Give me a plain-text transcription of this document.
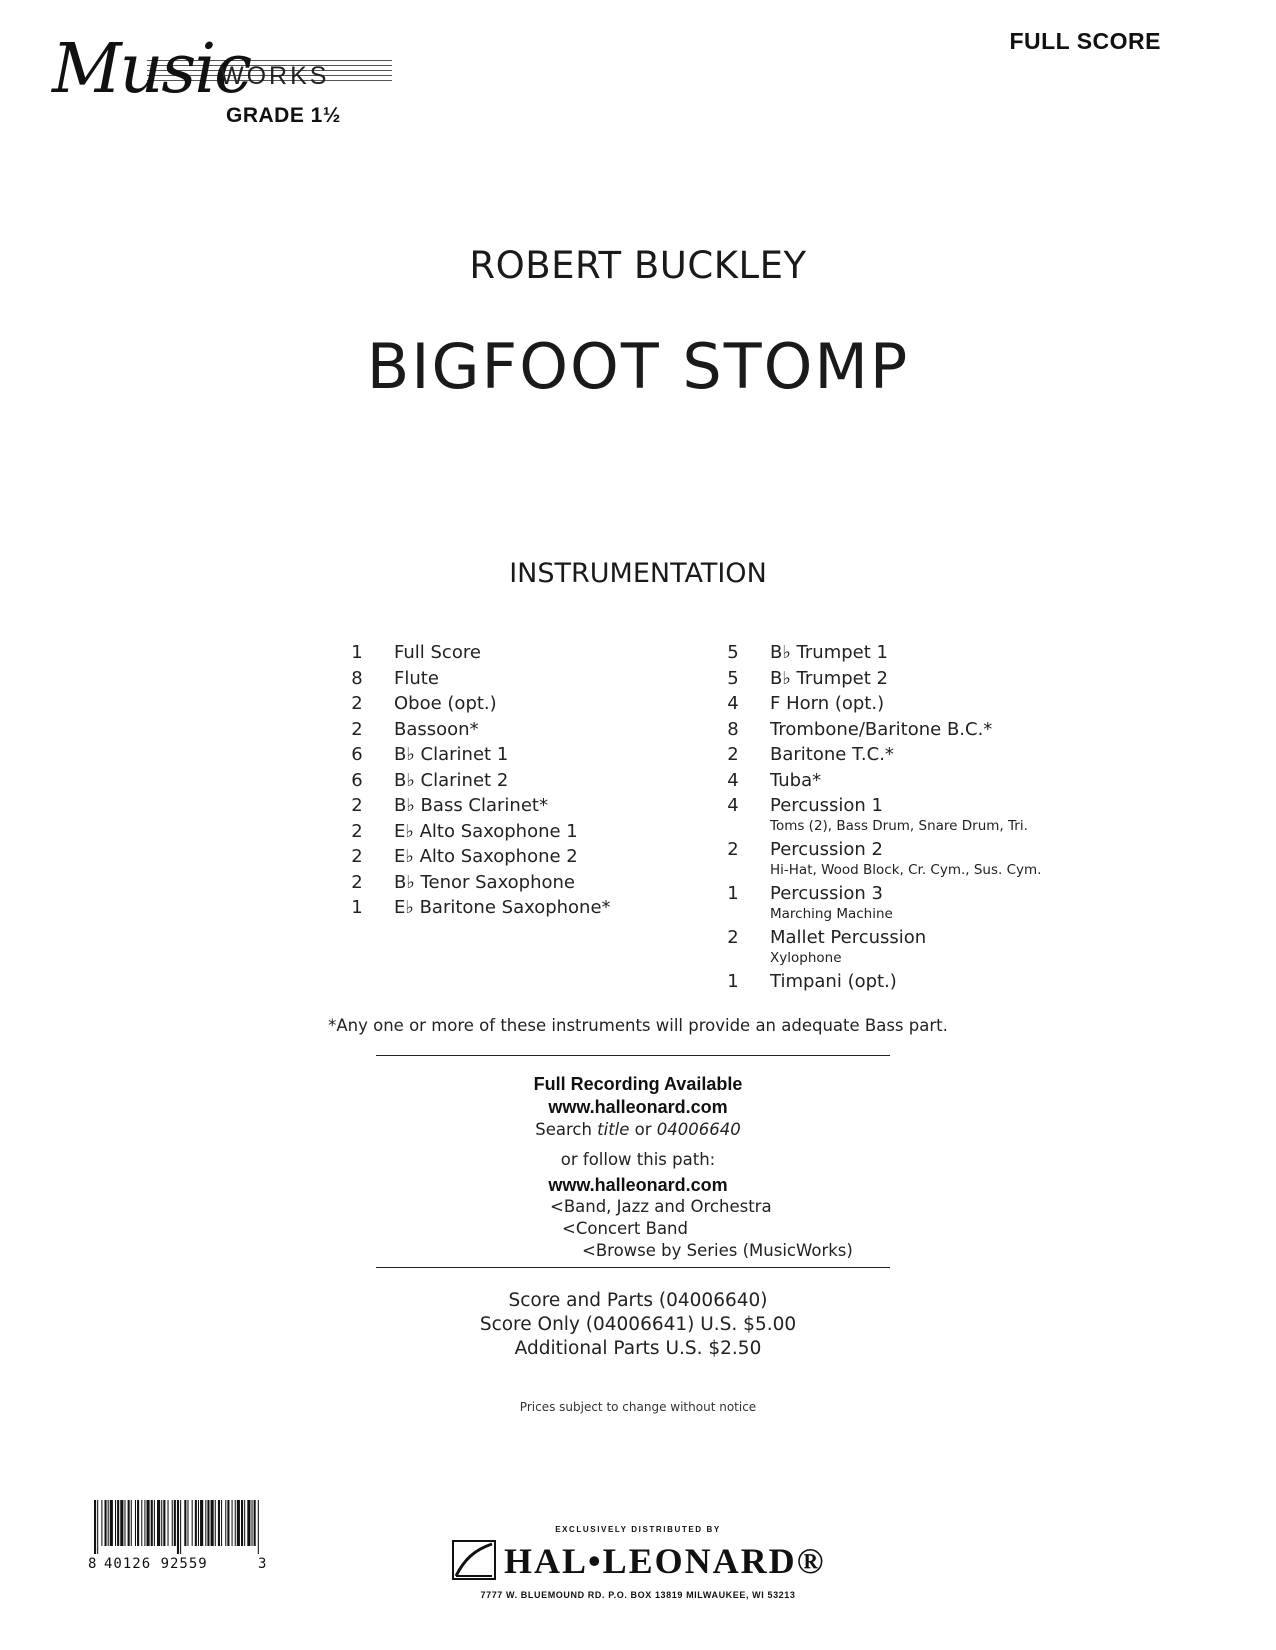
Music
WORKS
GRADE 1½
FULL SCORE
ROBERT BUCKLEY
BIGFOOT STOMP
INSTRUMENTATION
1	Full Score
8	Flute
2	Oboe (opt.)
2	Bassoon*
6	B♭ Clarinet 1
6	B♭ Clarinet 2
2	B♭ Bass Clarinet*
2	E♭ Alto Saxophone 1
2	E♭ Alto Saxophone 2
2	B♭ Tenor Saxophone
1	E♭ Baritone Saxophone*
5	B♭ Trumpet 1
5	B♭ Trumpet 2
4	F Horn (opt.)
8	Trombone/Baritone B.C.*
2	Baritone T.C.*
4	Tuba*
4	Percussion 1
Toms (2), Bass Drum, Snare Drum, Tri.
2	Percussion 2
Hi-Hat, Wood Block, Cr. Cym., Sus. Cym.
1	Percussion 3
Marching Machine
2	Mallet Percussion
Xylophone
1	Timpani (opt.)
*Any one or more of these instruments will provide an adequate Bass part.
Full Recording Available
www.halleonard.com
Search title or 04006640
or follow this path:
www.halleonard.com
<Band, Jazz and Orchestra
<Concert Band
<Browse by Series (MusicWorks)
Score and Parts (04006640)
Score Only (04006641) U.S. $5.00
Additional Parts U.S. $2.50
Prices subject to change without notice
8 40126 92559	3
EXCLUSIVELY DISTRIBUTED BY
HAL•LEONARD®
7777 W. BLUEMOUND RD. P.O. BOX 13819 MILWAUKEE, WI 53213
